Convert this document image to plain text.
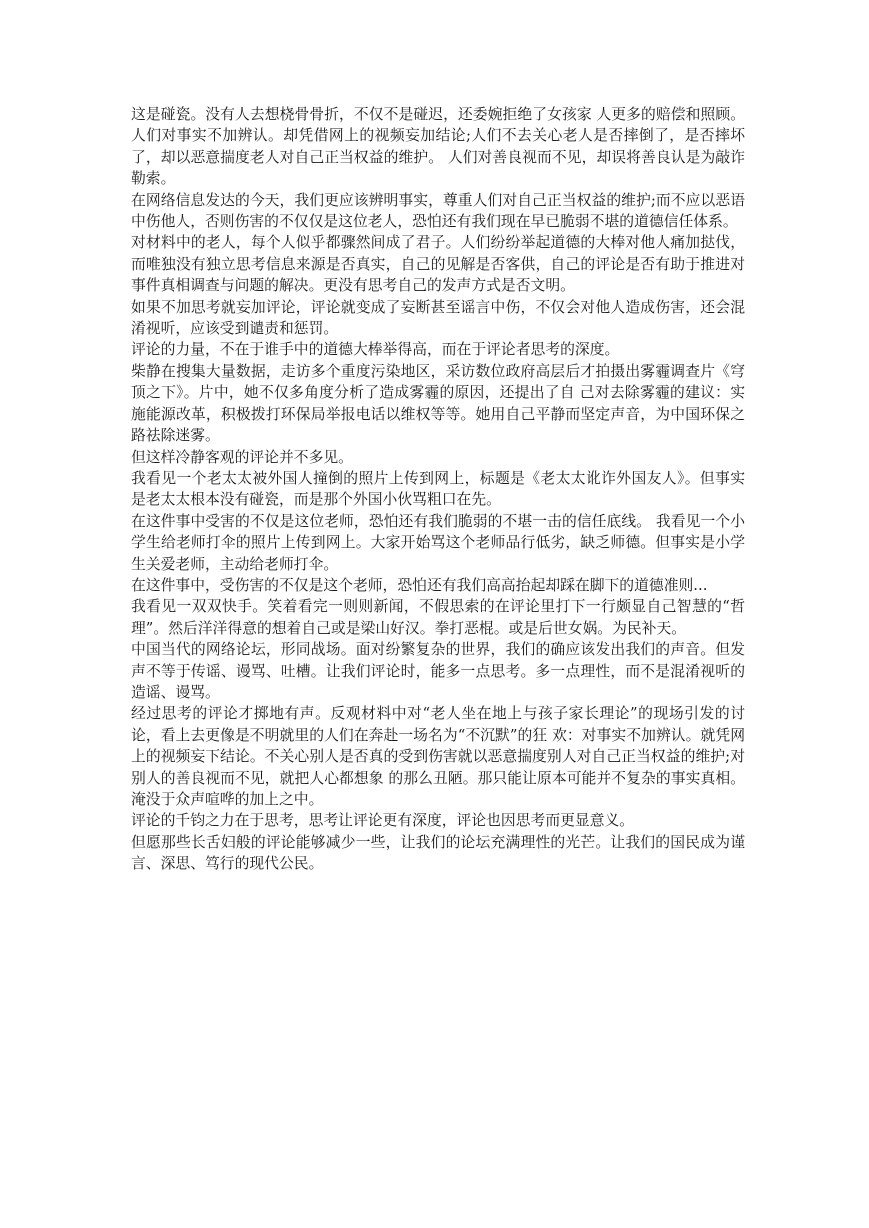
这是碰瓷。没有人去想桡骨骨折，不仅不是碰迟，还委婉拒绝了女孩家 人更多的赔偿和照顾。人们对事实不加辨认。却凭借网上的视频妄加结论;人们不去关心老人是否摔倒了，是否摔坏了，却以恶意揣度老人对自己正当权益的维护。 人们对善良视而不见，却误将善良认是为敲诈勒索。

在网络信息发达的今天，我们更应该辨明事实，尊重人们对自己正当权益的维护;而不应以恶语中伤他人，否则伤害的不仅仅是这位老人，恐怕还有我们现在早已脆弱不堪的道德信任体系。

对材料中的老人，每个人似乎都骤然间成了君子。人们纷纷举起道德的大棒对他人痛加挞伐，而唯独没有独立思考信息来源是否真实，自己的见解是否客供，自己的评论是否有助于推进对事件真相调查与问题的解决。更没有思考自己的发声方式是否文明。

如果不加思考就妄加评论，评论就变成了妄断甚至谣言中伤，不仅会对他人造成伤害，还会混淆视听，应该受到谴责和惩罚。

评论的力量，不在于谁手中的道德大棒举得高，而在于评论者思考的深度。

柴静在搜集大量数据，走访多个重度污染地区，采访数位政府高层后才拍摄出雾霾调查片《穹顶之下》。片中，她不仅多角度分析了造成雾霾的原因，还提出了自 己对去除雾霾的建议：实施能源改革，积极拨打环保局举报电话以维权等等。她用自己平静而坚定声音，为中国环保之路祛除迷雾。

但这样冷静客观的评论并不多见。

我看见一个老太太被外国人撞倒的照片上传到网上，标题是《老太太讹诈外国友人》。但事实是老太太根本没有碰瓷，而是那个外国小伙骂粗口在先。

在这件事中受害的不仅是这位老师，恐怕还有我们脆弱的不堪一击的信任底线。 我看见一个小学生给老师打伞的照片上传到网上。大家开始骂这个老师品行低劣，缺乏师德。但事实是小学生关爱老师，主动给老师打伞。

在这件事中，受伤害的不仅是这个老师，恐怕还有我们高高抬起却踩在脚下的道德准则...

我看见一双双快手。笑着看完一则则新闻，不假思索的在评论里打下一行颇显自己智慧的“哲理”。然后洋洋得意的想着自己或是梁山好汉。拳打恶棍。或是后世女娲。为民补天。

中国当代的网络论坛，形同战场。面对纷繁复杂的世界，我们的确应该发出我们的声音。但发声不等于传谣、谩骂、吐槽。让我们评论时，能多一点思考。多一点理性，而不是混淆视听的造谣、谩骂。

经过思考的评论才掷地有声。反观材料中对“老人坐在地上与孩子家长理论”的现场引发的讨论，看上去更像是不明就里的人们在奔赴一场名为“不沉默”的狂 欢：对事实不加辨认。就凭网上的视频妄下结论。不关心别人是否真的受到伤害就以恶意揣度别人对自己正当权益的维护;对别人的善良视而不见，就把人心都想象 的那么丑陋。那只能让原本可能并不复杂的事实真相。淹没于众声喧哗的加上之中。

评论的千钧之力在于思考，思考让评论更有深度，评论也因思考而更显意义。

但愿那些长舌妇般的评论能够减少一些，让我们的论坛充满理性的光芒。让我们的国民成为谨言、深思、笃行的现代公民。
